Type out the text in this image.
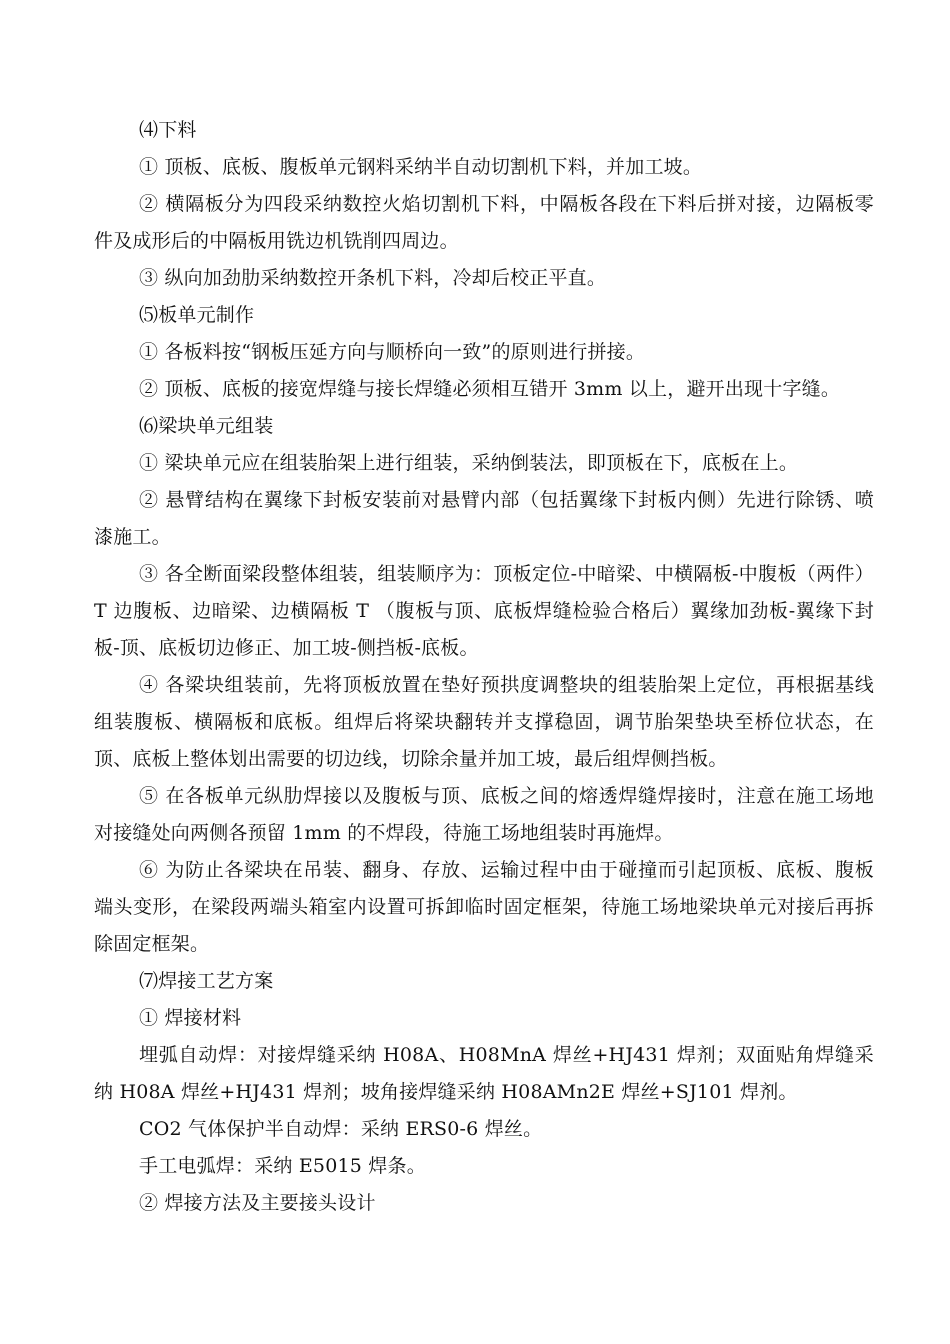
⑷下料

① 顶板、底板、腹板单元钢料采纳半自动切割机下料，并加工坡。

② 横隔板分为四段采纳数控火焰切割机下料，中隔板各段在下料后拼对接，边隔板零件及成形后的中隔板用铣边机铣削四周边。

③ 纵向加劲肋采纳数控开条机下料，冷却后校正平直。

⑸板单元制作

① 各板料按“钢板压延方向与顺桥向一致”的原则进行拼接。

② 顶板、底板的接宽焊缝与接长焊缝必须相互错开 3mm 以上，避开出现十字缝。

⑹梁块单元组装

① 梁块单元应在组装胎架上进行组装，采纳倒装法，即顶板在下，底板在上。

② 悬臂结构在翼缘下封板安装前对悬臂内部（包括翼缘下封板内侧）先进行除锈、喷漆施工。

③ 各全断面梁段整体组装，组装顺序为：顶板定位-中暗梁、中横隔板-中腹板（两件）T 边腹板、边暗梁、边横隔板 T （腹板与顶、底板焊缝检验合格后）翼缘加劲板-翼缘下封板-顶、底板切边修正、加工坡-侧挡板-底板。

④ 各梁块组装前，先将顶板放置在垫好预拱度调整块的组装胎架上定位，再根据基线组装腹板、横隔板和底板。组焊后将梁块翻转并支撑稳固，调节胎架垫块至桥位状态，在顶、底板上整体划出需要的切边线，切除余量并加工坡，最后组焊侧挡板。

⑤ 在各板单元纵肋焊接以及腹板与顶、底板之间的熔透焊缝焊接时，注意在施工场地对接缝处向两侧各预留 1mm 的不焊段，待施工场地组装时再施焊。

⑥ 为防止各梁块在吊装、翻身、存放、运输过程中由于碰撞而引起顶板、底板、腹板端头变形，在梁段两端头箱室内设置可拆卸临时固定框架，待施工场地梁块单元对接后再拆除固定框架。

⑺焊接工艺方案

① 焊接材料

埋弧自动焊：对接焊缝采纳 H08A、H08MnA 焊丝+HJ431 焊剂；双面贴角焊缝采纳 H08A 焊丝+HJ431 焊剂；坡角接焊缝采纳 H08AMn2E 焊丝+SJ101 焊剂。

CO2 气体保护半自动焊：采纳 ERS0-6 焊丝。

手工电弧焊：采纳 E5015 焊条。

② 焊接方法及主要接头设计
